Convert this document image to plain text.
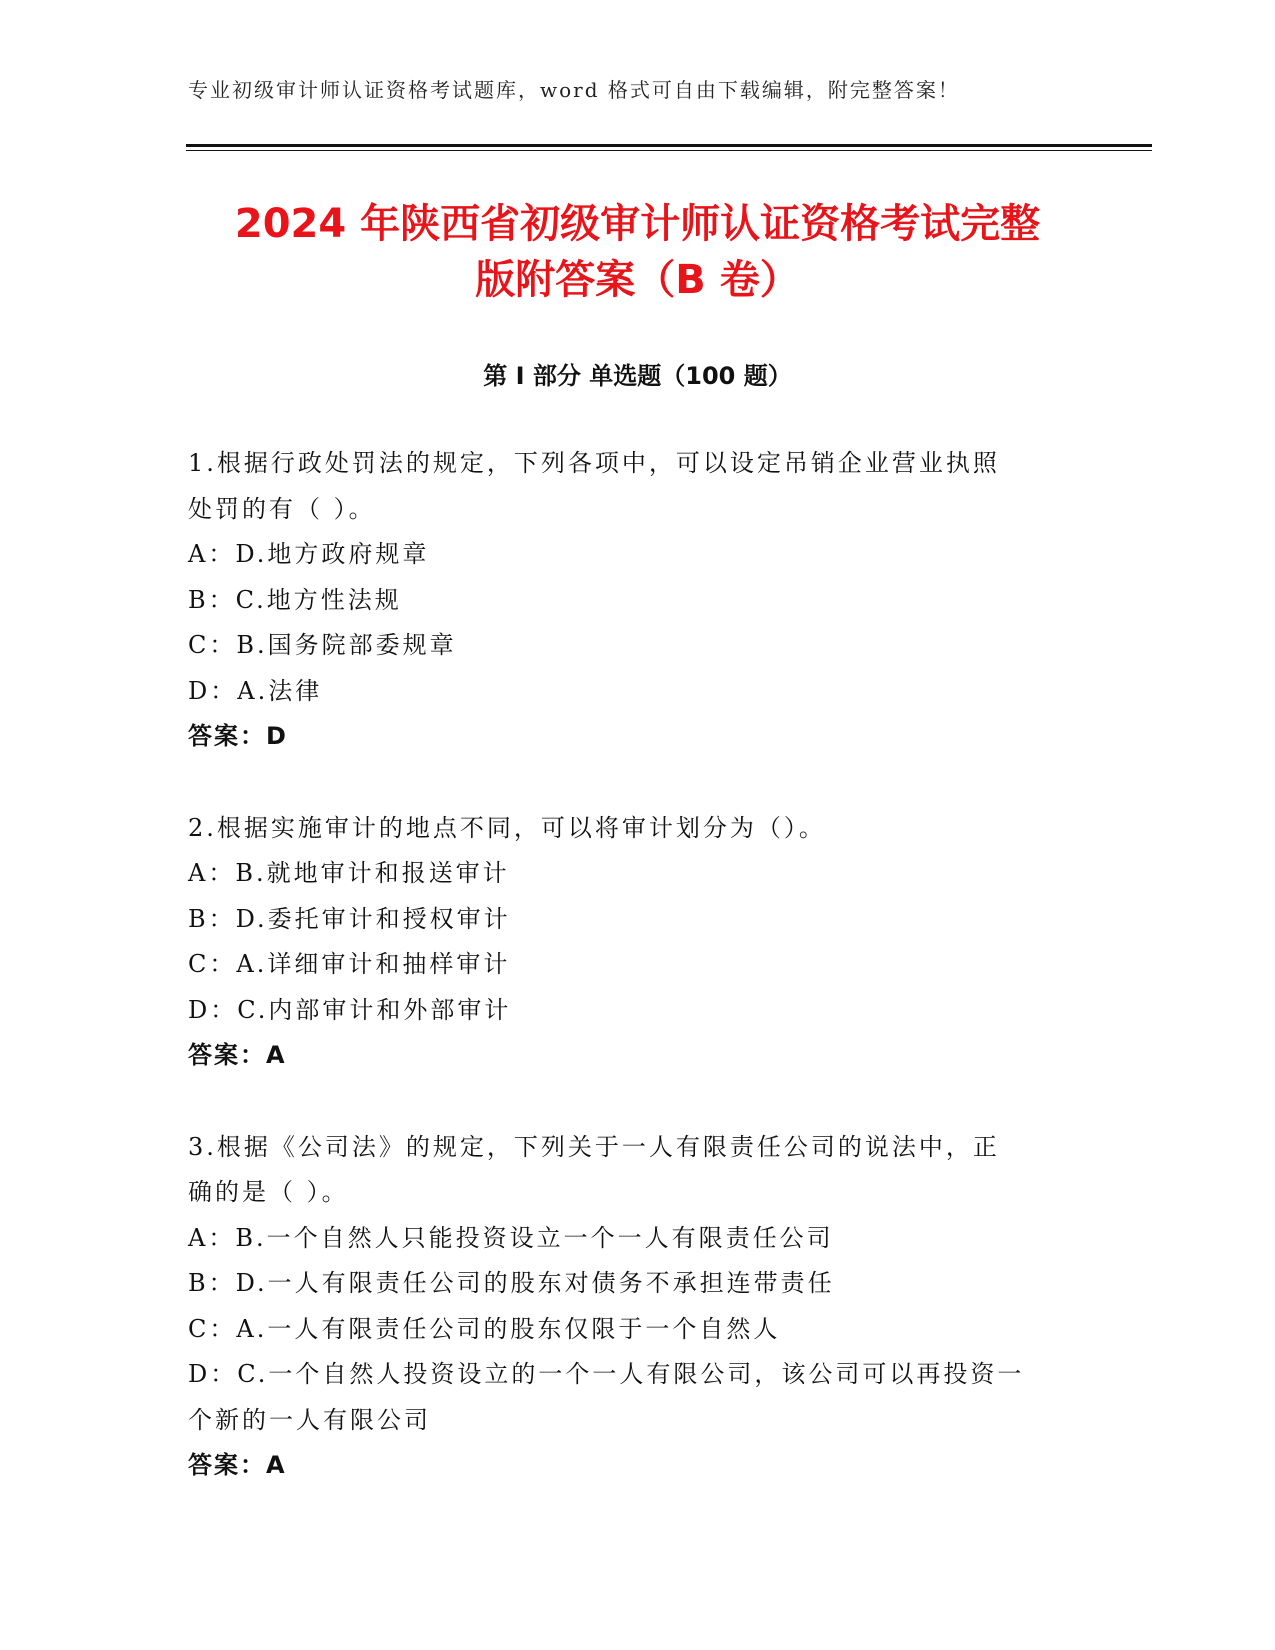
专业初级审计师认证资格考试题库，word 格式可自由下载编辑，附完整答案！
2024 年陕西省初级审计师认证资格考试完整
版附答案（B 卷）
第 I 部分 单选题（100 题）
1.根据行政处罚法的规定，下列各项中，可以设定吊销企业营业执照
处罚的有（ ）。
A：D.地方政府规章
B：C.地方性法规
C：B.国务院部委规章
D：A.法律
答案：D
2.根据实施审计的地点不同，可以将审计划分为（）。
A：B.就地审计和报送审计
B：D.委托审计和授权审计
C：A.详细审计和抽样审计
D：C.内部审计和外部审计
答案：A
3.根据《公司法》的规定，下列关于一人有限责任公司的说法中，正
确的是（ ）。
A：B.一个自然人只能投资设立一个一人有限责任公司
B：D.一人有限责任公司的股东对债务不承担连带责任
C：A.一人有限责任公司的股东仅限于一个自然人
D：C.一个自然人投资设立的一个一人有限公司，该公司可以再投资一
个新的一人有限公司
答案：A
